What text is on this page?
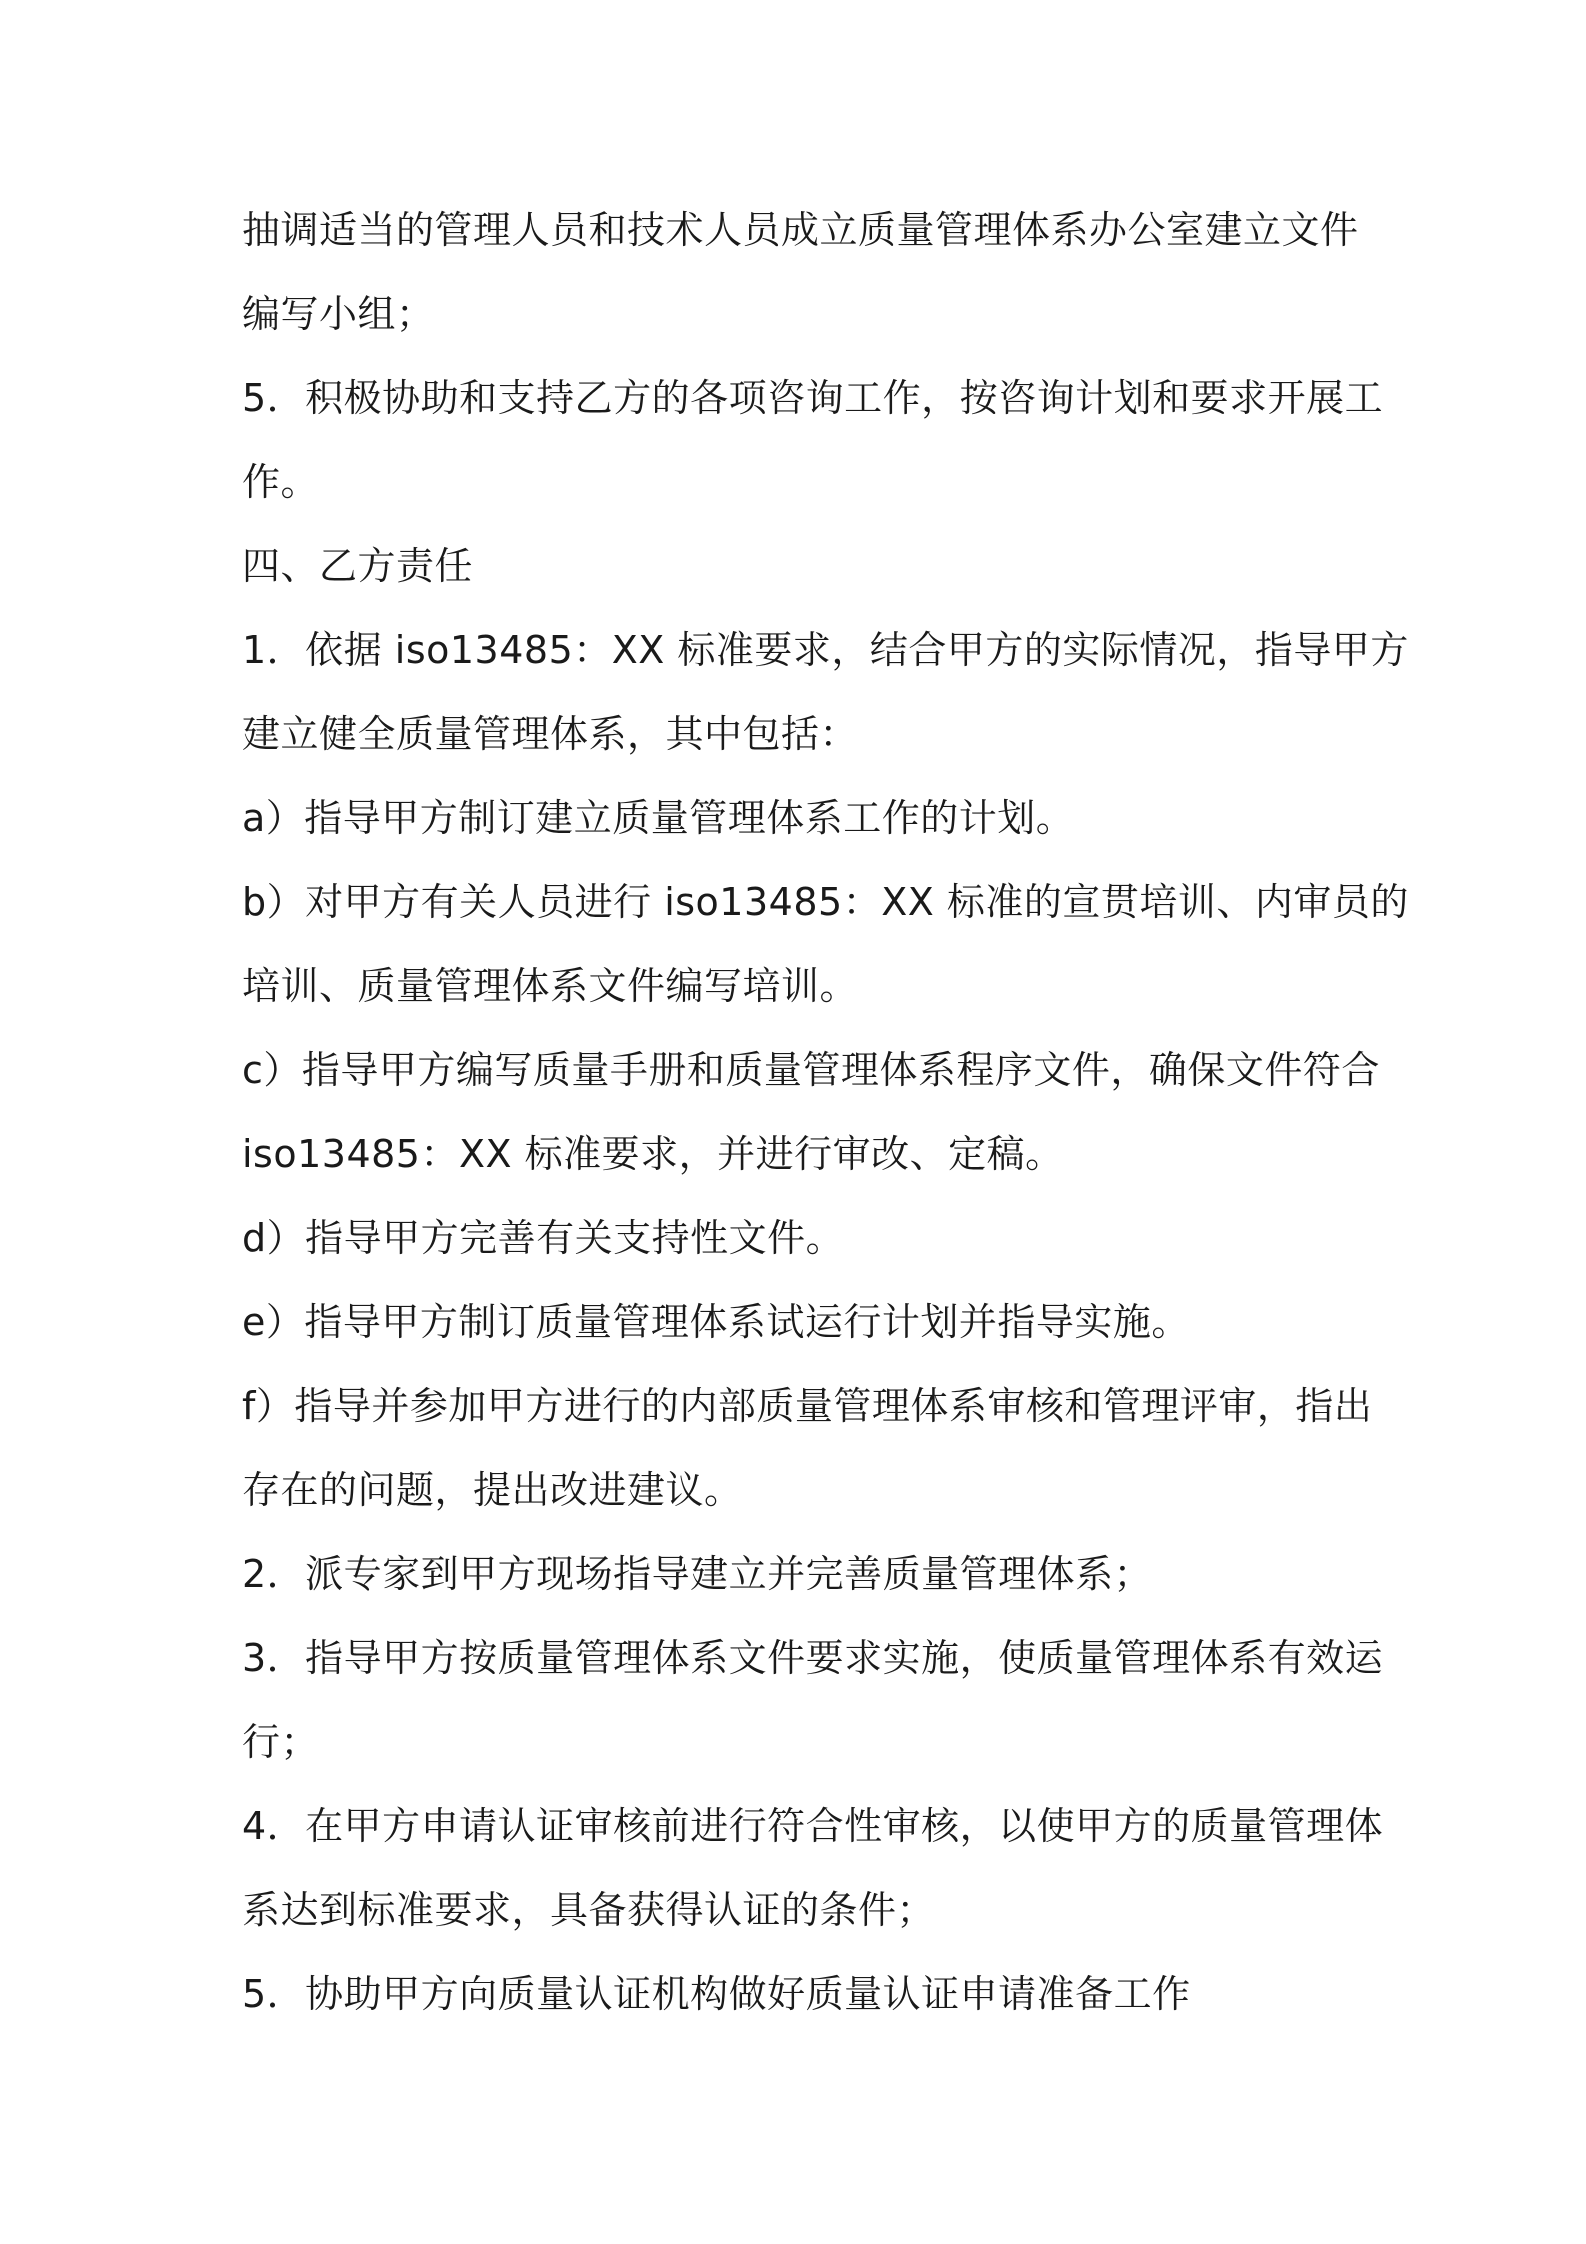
抽调适当的管理人员和技术人员成立质量管理体系办公室建立文件
编写小组；
5．积极协助和支持乙方的各项咨询工作，按咨询计划和要求开展工
作。
四、乙方责任
1．依据 iso13485：XX 标准要求，结合甲方的实际情况，指导甲方
建立健全质量管理体系，其中包括：
a）指导甲方制订建立质量管理体系工作的计划。
b）对甲方有关人员进行 iso13485：XX 标准的宣贯培训、内审员的
培训、质量管理体系文件编写培训。
c）指导甲方编写质量手册和质量管理体系程序文件，确保文件符合
iso13485：XX 标准要求，并进行审改、定稿。
d）指导甲方完善有关支持性文件。
e）指导甲方制订质量管理体系试运行计划并指导实施。
f）指导并参加甲方进行的内部质量管理体系审核和管理评审，指出
存在的问题，提出改进建议。
2．派专家到甲方现场指导建立并完善质量管理体系；
3．指导甲方按质量管理体系文件要求实施，使质量管理体系有效运
行；
4．在甲方申请认证审核前进行符合性审核，以使甲方的质量管理体
系达到标准要求，具备获得认证的条件；
5．协助甲方向质量认证机构做好质量认证申请准备工作
